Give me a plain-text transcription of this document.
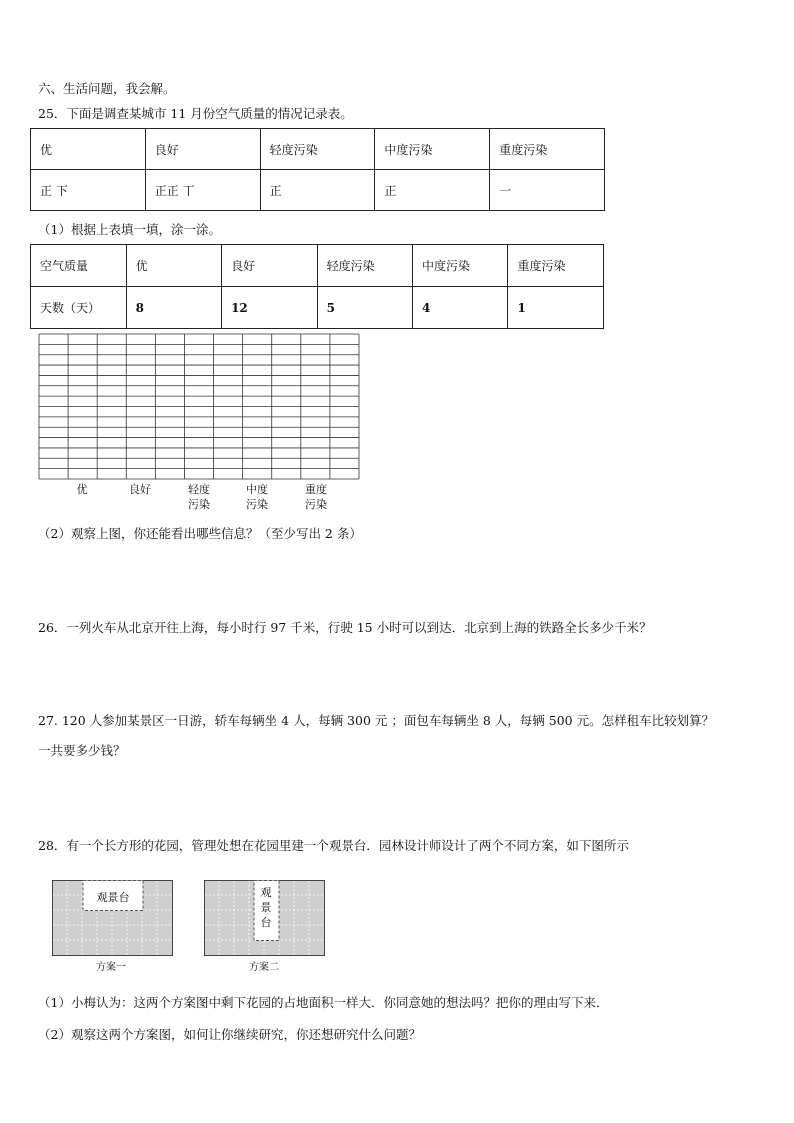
六、生活问题，我会解。
25．下面是调查某城市 11 月份空气质量的情况记录表。
优	良好	轻度污染	中度污染	重度污染
正 下	正正 丅	正	正	一
（1）根据上表填一填，涂一涂。
空气质量	优	良好	轻度污染	中度污染	重度污染
天数（天）	8	12	5	4	1
优	良好	轻度
污染
中度
污染
重度
污染
（2）观察上图，你还能看出哪些信息？（至少写出 2 条）
26．一列火车从北京开往上海，每小时行 97 千米，行驶 15 小时可以到达．北京到上海的铁路全长多少千米？
27. 120 人参加某景区一日游，轿车每辆坐 4 人，每辆 300 元 ；面包车每辆坐 8 人，每辆 500 元。怎样租车比较划算？
一共要多少钱？
28．有一个长方形的花园，管理处想在花园里建一个观景台．园林设计师设计了两个不同方案，如下图所示
观景台
方案一
观景台
方案二
（1）小梅认为：这两个方案图中剩下花园的占地面积一样大．你同意她的想法吗？把你的理由写下来．
（2）观察这两个方案图，如何让你继续研究，你还想研究什么问题？
